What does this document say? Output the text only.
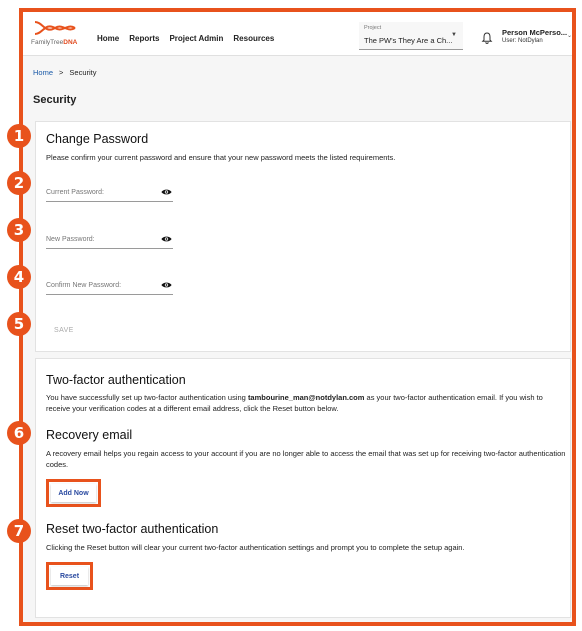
FamilyTreeDNA Home Reports Project Admin Resources
Project
The PW's They Are a Ch...
▼	Person McPerso...
User: NotDylan
⌄
Home > Security
Security
Change Password
Please confirm your current password and ensure that your new password meets the listed requirements.
Current Password:
New Password:
Confirm New Password:
SAVE
Two-factor authentication
You have successfully set up two-factor authentication using tambourine_man@notdylan.com as your two-factor authentication email. If you wish to receive your verification codes at a different email address, click the Reset button below.
Recovery email
A recovery email helps you regain access to your account if you are no longer able to access the email that was set up for receiving two-factor authentication codes.
Add Now
Reset two-factor authentication
Clicking the Reset button will clear your current two-factor authentication settings and prompt you to complete the setup again.
Reset
1
2
3
4
5
6
7
